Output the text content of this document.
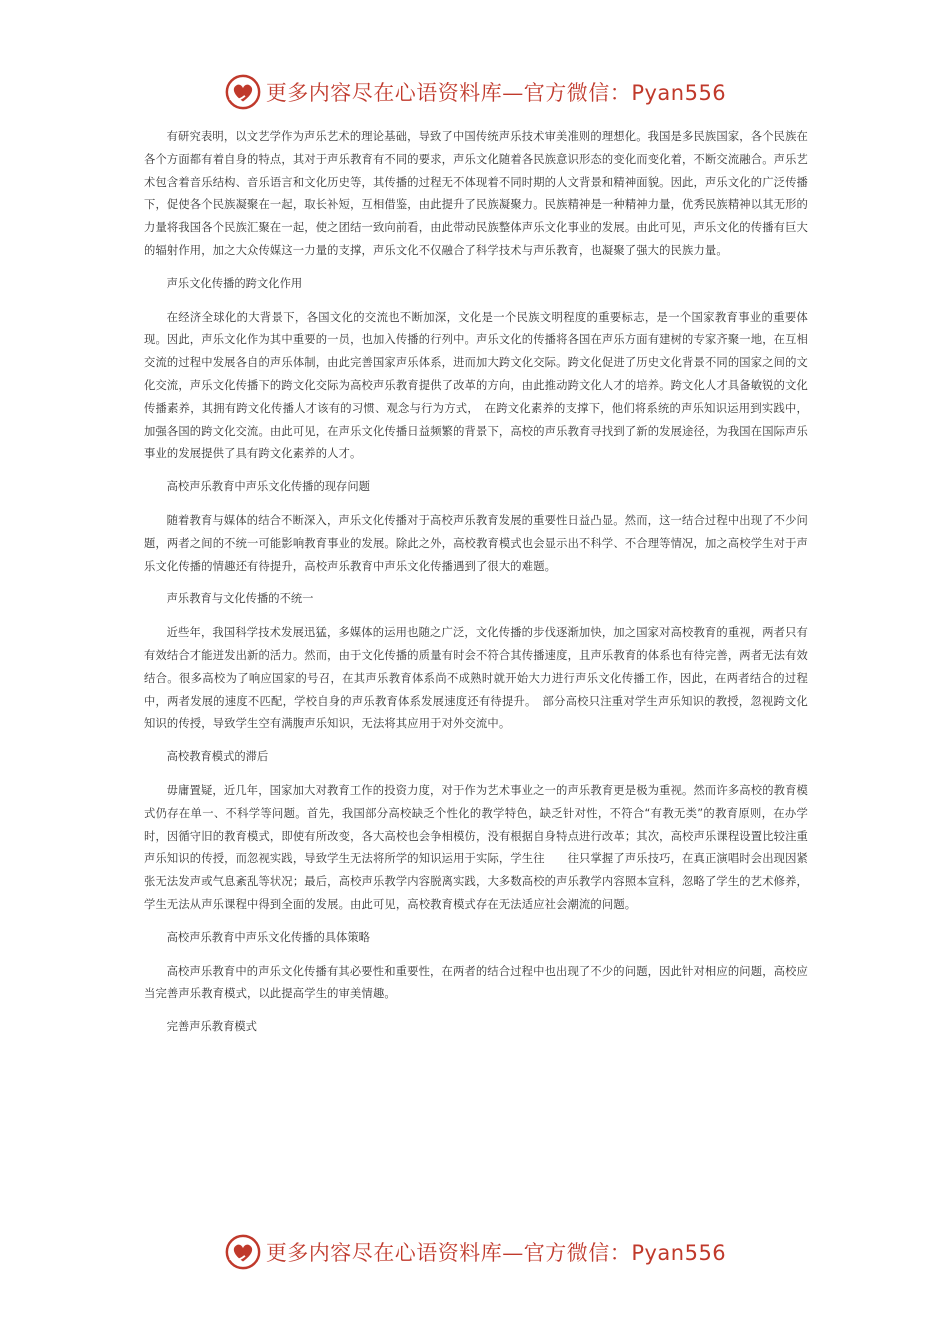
更多内容尽在心语资料库—官方微信：Pyan556

有研究表明，以文艺学作为声乐艺术的理论基础，导致了中国传统声乐技术审美准则的理想化。我国是多民族国家，各个民族在各个方面都有着自身的特点，其对于声乐教育有不同的要求，声乐文化随着各民族意识形态的变化而变化着，不断交流融合。声乐艺术包含着音乐结构、音乐语言和文化历史等，其传播的过程无不体现着不同时期的人文背景和精神面貌。因此，声乐文化的广泛传播下，促使各个民族凝聚在一起，取长补短，互相借鉴，由此提升了民族凝聚力。民族精神是一种精神力量，优秀民族精神以其无形的力量将我国各个民族汇聚在一起，使之团结一致向前看，由此带动民族整体声乐文化事业的发展。由此可见，声乐文化的传播有巨大的辐射作用，加之大众传媒这一力量的支撑，声乐文化不仅融合了科学技术与声乐教育，也凝聚了强大的民族力量。

声乐文化传播的跨文化作用

在经济全球化的大背景下，各国文化的交流也不断加深，文化是一个民族文明程度的重要标志，是一个国家教育事业的重要体现。因此，声乐文化作为其中重要的一员，也加入传播的行列中。声乐文化的传播将各国在声乐方面有建树的专家齐聚一地，在互相交流的过程中发展各自的声乐体制，由此完善国家声乐体系，进而加大跨文化交际。跨文化促进了历史文化背景不同的国家之间的文化交流，声乐文化传播下的跨文化交际为高校声乐教育提供了改革的方向，由此推动跨文化人才的培养。跨文化人才具备敏锐的文化传播素养，其拥有跨文化传播人才该有的习惯、观念与行为方式，　在跨文化素养的支撑下，他们将系统的声乐知识运用到实践中，加强各国的跨文化交流。由此可见，在声乐文化传播日益频繁的背景下，高校的声乐教育寻找到了新的发展途径，为我国在国际声乐事业的发展提供了具有跨文化素养的人才。

高校声乐教育中声乐文化传播的现存问题

随着教育与媒体的结合不断深入，声乐文化传播对于高校声乐教育发展的重要性日益凸显。然而，这一结合过程中出现了不少问题，两者之间的不统一可能影响教育事业的发展。除此之外，高校教育模式也会显示出不科学、不合理等情况，加之高校学生对于声乐文化传播的情趣还有待提升，高校声乐教育中声乐文化传播遇到了很大的难题。

声乐教育与文化传播的不统一

近些年，我国科学技术发展迅猛，多媒体的运用也随之广泛，文化传播的步伐逐渐加快，加之国家对高校教育的重视，两者只有有效结合才能迸发出新的活力。然而，由于文化传播的质量有时会不符合其传播速度，且声乐教育的体系也有待完善，两者无法有效结合。很多高校为了响应国家的号召，在其声乐教育体系尚不成熟时就开始大力进行声乐文化传播工作，因此，在两者结合的过程中，两者发展的速度不匹配，学校自身的声乐教育体系发展速度还有待提升。　部分高校只注重对学生声乐知识的教授，忽视跨文化知识的传授，导致学生空有满腹声乐知识，无法将其应用于对外交流中。

高校教育模式的滞后

毋庸置疑，近几年，国家加大对教育工作的投资力度，对于作为艺术事业之一的声乐教育更是极为重视。然而许多高校的教育模式仍存在单一、不科学等问题。首先，我国部分高校缺乏个性化的教学特色，缺乏针对性，不符合“有教无类”的教育原则，在办学时，因循守旧的教育模式，即使有所改变，各大高校也会争相模仿，没有根据自身特点进行改革；其次，高校声乐课程设置比较注重声乐知识的传授，而忽视实践，导致学生无法将所学的知识运用于实际，学生往　　往只掌握了声乐技巧，在真正演唱时会出现因紧张无法发声或气息紊乱等状况；最后，高校声乐教学内容脱离实践，大多数高校的声乐教学内容照本宣科，忽略了学生的艺术修养，学生无法从声乐课程中得到全面的发展。由此可见，高校教育模式存在无法适应社会潮流的问题。

高校声乐教育中声乐文化传播的具体策略

高校声乐教育中的声乐文化传播有其必要性和重要性，在两者的结合过程中也出现了不少的问题，因此针对相应的问题，高校应当完善声乐教育模式，以此提高学生的审美情趣。

完善声乐教育模式

更多内容尽在心语资料库—官方微信：Pyan556
